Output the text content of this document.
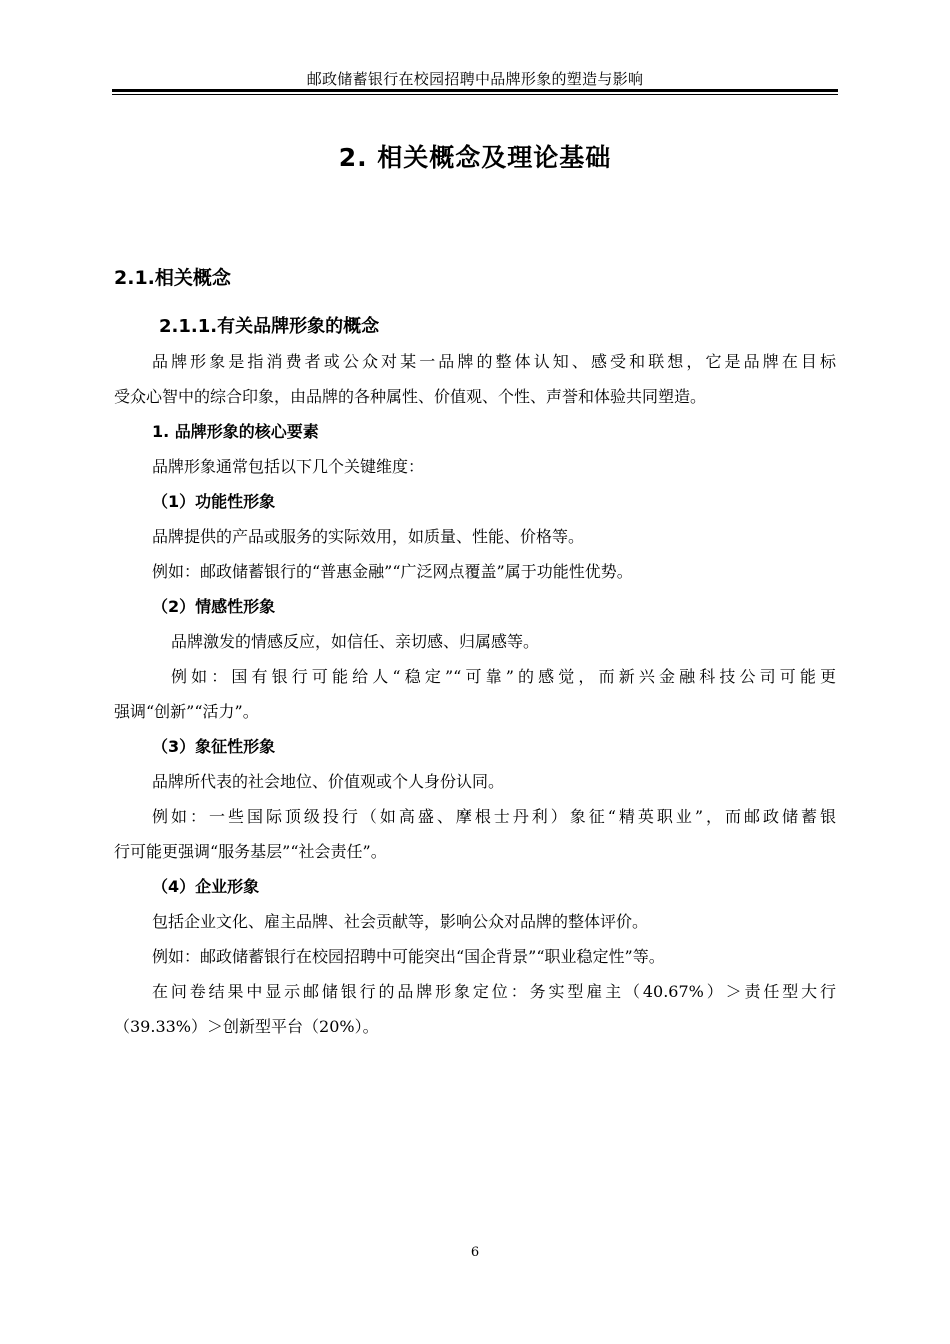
邮政储蓄银行在校园招聘中品牌形象的塑造与影响
2. 相关概念及理论基础
2.1.相关概念
2.1.1.有关品牌形象的概念
品牌形象是指消费者或公众对某一品牌的整体认知、感受和联想，它是品牌在目标
受众心智中的综合印象，由品牌的各种属性、价值观、个性、声誉和体验共同塑造。
1. 品牌形象的核心要素
品牌形象通常包括以下几个关键维度：
（1）功能性形象
品牌提供的产品或服务的实际效用，如质量、性能、价格等。
例如：邮政储蓄银行的“普惠金融”“广泛网点覆盖”属于功能性优势。
（2）情感性形象
品牌激发的情感反应，如信任、亲切感、归属感等。
例如：国有银行可能给人“稳定”“可靠”的感觉，而新兴金融科技公司可能更
强调“创新”“活力”。
（3）象征性形象
品牌所代表的社会地位、价值观或个人身份认同。
例如：一些国际顶级投行（如高盛、摩根士丹利）象征“精英职业”，而邮政储蓄银
行可能更强调“服务基层”“社会责任”。
（4）企业形象
包括企业文化、雇主品牌、社会贡献等，影响公众对品牌的整体评价。
例如：邮政储蓄银行在校园招聘中可能突出“国企背景”“职业稳定性”等。
在问卷结果中显示邮储银行的品牌形象定位：务实型雇主（40.67%）＞责任型大行
（39.33%）＞创新型平台（20%）。
6
